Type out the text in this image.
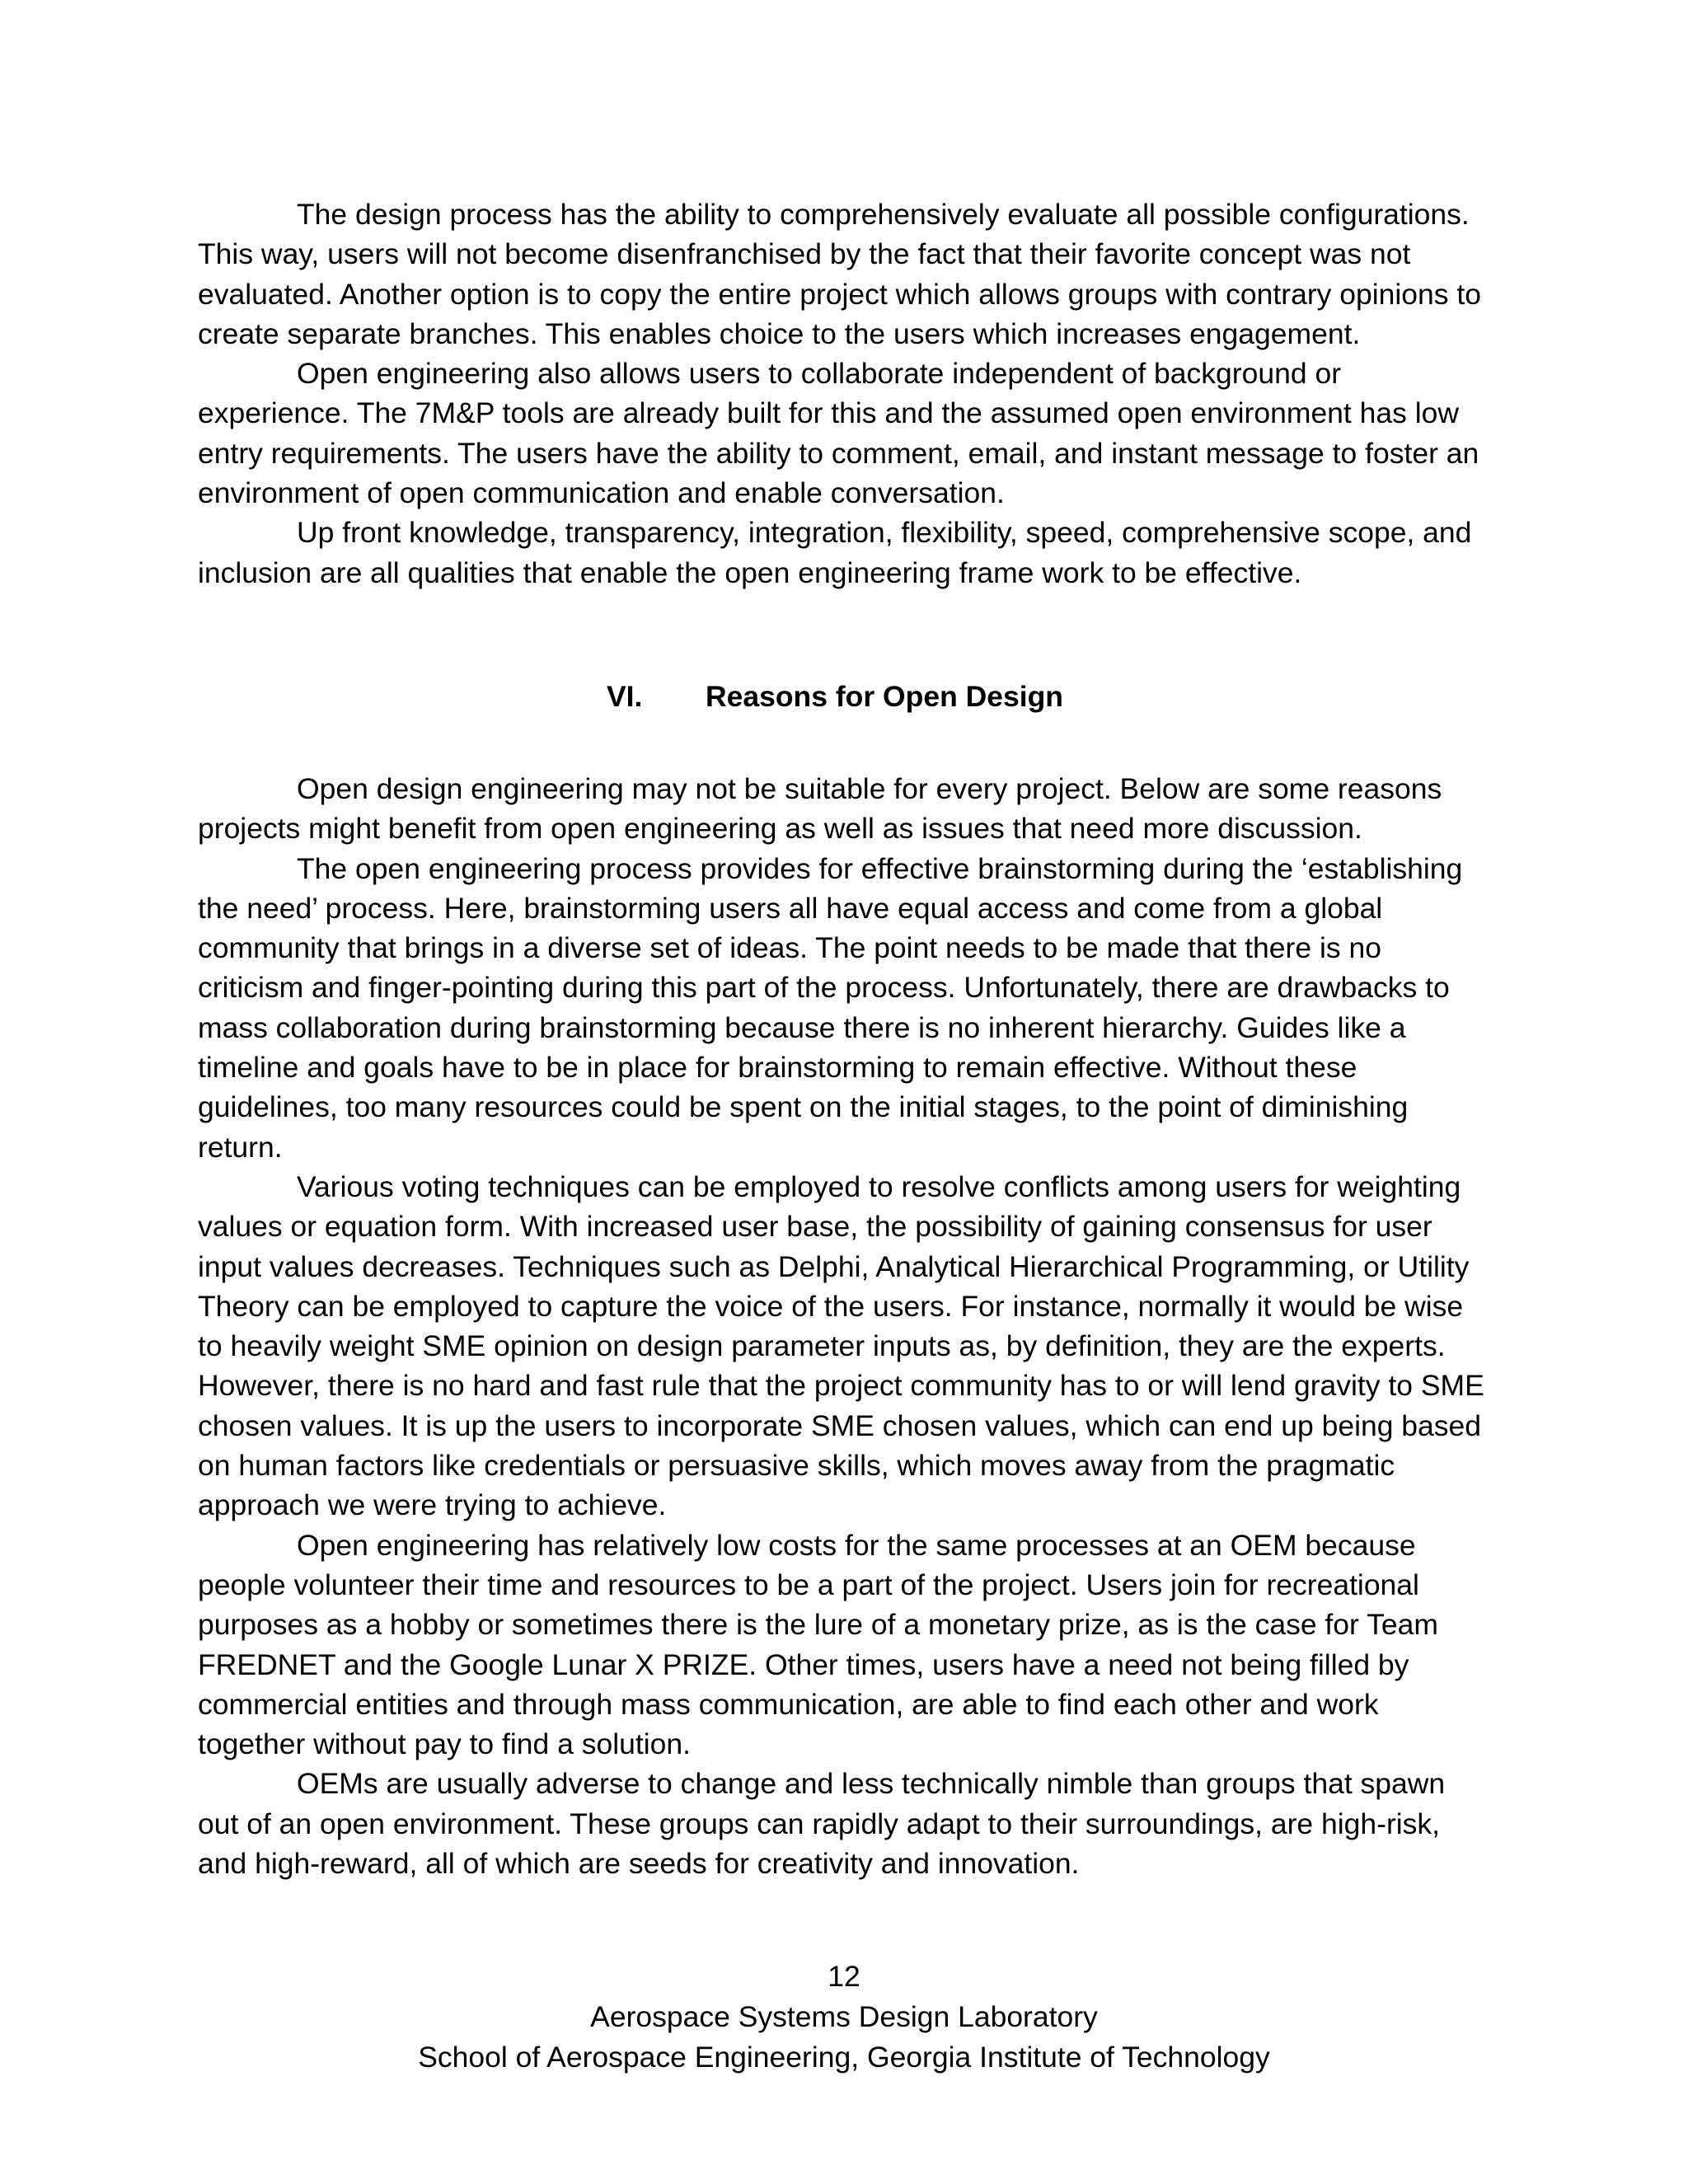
The design process has the ability to comprehensively evaluate all possible configurations. This way, users will not become disenfranchised by the fact that their favorite concept was not evaluated. Another option is to copy the entire project which allows groups with contrary opinions to create separate branches. This enables choice to the users which increases engagement.

Open engineering also allows users to collaborate independent of background or experience. The 7M&P tools are already built for this and the assumed open environment has low entry requirements. The users have the ability to comment, email, and instant message to foster an environment of open communication and enable conversation.

Up front knowledge, transparency, integration, flexibility, speed, comprehensive scope, and inclusion are all qualities that enable the open engineering frame work to be effective.

VI. Reasons for Open Design

Open design engineering may not be suitable for every project. Below are some reasons projects might benefit from open engineering as well as issues that need more discussion.

The open engineering process provides for effective brainstorming during the ‘establishing the need’ process. Here, brainstorming users all have equal access and come from a global community that brings in a diverse set of ideas. The point needs to be made that there is no criticism and finger-pointing during this part of the process. Unfortunately, there are drawbacks to mass collaboration during brainstorming because there is no inherent hierarchy. Guides like a timeline and goals have to be in place for brainstorming to remain effective. Without these guidelines, too many resources could be spent on the initial stages, to the point of diminishing return.

Various voting techniques can be employed to resolve conflicts among users for weighting values or equation form. With increased user base, the possibility of gaining consensus for user input values decreases. Techniques such as Delphi, Analytical Hierarchical Programming, or Utility Theory can be employed to capture the voice of the users. For instance, normally it would be wise to heavily weight SME opinion on design parameter inputs as, by definition, they are the experts. However, there is no hard and fast rule that the project community has to or will lend gravity to SME chosen values. It is up the users to incorporate SME chosen values, which can end up being based on human factors like credentials or persuasive skills, which moves away from the pragmatic approach we were trying to achieve.

Open engineering has relatively low costs for the same processes at an OEM because people volunteer their time and resources to be a part of the project. Users join for recreational purposes as a hobby or sometimes there is the lure of a monetary prize, as is the case for Team FREDNET and the Google Lunar X PRIZE. Other times, users have a need not being filled by commercial entities and through mass communication, are able to find each other and work together without pay to find a solution.

OEMs are usually adverse to change and less technically nimble than groups that spawn out of an open environment. These groups can rapidly adapt to their surroundings, are high-risk, and high-reward, all of which are seeds for creativity and innovation.

12
Aerospace Systems Design Laboratory
School of Aerospace Engineering, Georgia Institute of Technology
